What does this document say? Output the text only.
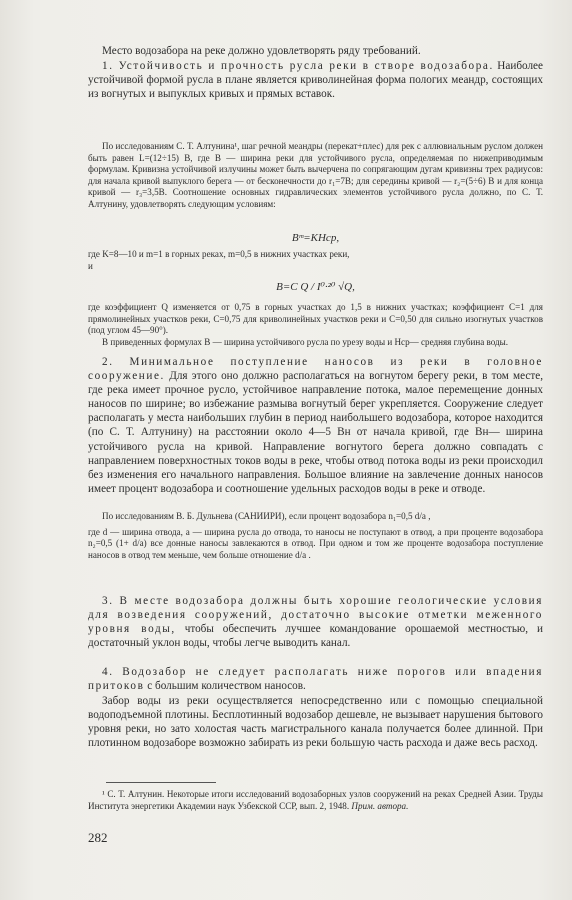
Место водозабора на реке должно удовлетворять ряду требований.

1. Устойчивость и прочность русла реки в створе водозабора. Наиболее устойчивой формой русла в плане является криволинейная форма пологих меандр, состоящих из вогнутых и выпуклых кривых и прямых вставок.

По исследованиям С. Т. Алтунина¹, шаг речной меандры (перекат+плес) для рек с аллювиальным руслом должен быть равен L=(12÷15) B, где B — ширина реки для устойчивого русла, определяемая по нижеприводимым формулам. Кривизна устойчивой излучины может быть вычерчена по сопрягающим дугам кривизны трех радиусов: для начала кривой выпуклого берега — от бесконечности до r₁=7B; для середины кривой — r₂=(5÷6) B и для конца кривой — r₃=3,5B. Соотношение основных гидравлических элементов устойчивого русла должно, по С. Т. Алтунину, удовлетворять следующим условиям:

Bᵐ=KHср,

где K=8—10 и m=1 в горных реках, m=0,5 в нижних участках реки,

и

B=C Q / I⁰·²⁰ √Q,

где коэффициент Q изменяется от 0,75 в горных участках до 1,5 в нижних участках; коэффициент C=1 для прямолинейных участков реки, C=0,75 для криволинейных участков реки и C=0,50 для сильно изогнутых участков (под углом 45—90°).

В приведенных формулах B — ширина устойчивого русла по урезу воды и Hср— средняя глубина воды.

2. Минимальное поступление наносов из реки в головное сооружение. Для этого оно должно располагаться на вогнутом берегу реки, в том месте, где река имеет прочное русло, устойчивое направление потока, малое перемещение донных наносов по ширине; во избежание размыва вогнутый берег укрепляется. Сооружение следует располагать у места наибольших глубин в период наибольшего водозабора, которое находится (по С. Т. Алтунину) на расстоянии около 4—5 Bн от начала кривой, где Bн— ширина устойчивого русла на кривой. Направление вогнутого берега должно совпадать с направлением поверхностных токов воды в реке, чтобы отвод потока воды из реки происходил без изменения его начального направления. Большое влияние на завлечение донных наносов имеет процент водозабора и соотношение удельных расходов воды в реке и отводе.

По исследованиям В. Б. Дульнева (САНИИРИ), если процент водозабора n₁=0,5 d/a ,

где d — ширина отвода, a — ширина русла до отвода, то наносы не поступают в отвод, а при проценте водозабора n₂=0,5 (1+ d/a) все донные наносы завлекаются в отвод. При одном и том же проценте водозабора поступление наносов в отвод тем меньше, чем больше отношение d/a .

3. В месте водозабора должны быть хорошие геологические условия для возведения сооружений, достаточно высокие отметки меженного уровня воды, чтобы обеспечить лучшее командование орошаемой местностью, и достаточный уклон воды, чтобы легче выводить канал.

4. Водозабор не следует располагать ниже порогов или впадения притоков с большим количеством наносов.

Забор воды из реки осуществляется непосредственно или с помощью специальной водоподъемной плотины. Бесплотинный водозабор дешевле, не вызывает нарушения бытового уровня реки, но зато холостая часть магистрального канала получается более длинной. При плотинном водозаборе возможно забирать из реки большую часть расхода и даже весь расход.

¹ С. Т. Алтунин. Некоторые итоги исследований водозаборных узлов сооружений на реках Средней Азии. Труды Института энергетики Академии наук Узбекской ССР, вып. 2, 1948. Прим. автора.

282
